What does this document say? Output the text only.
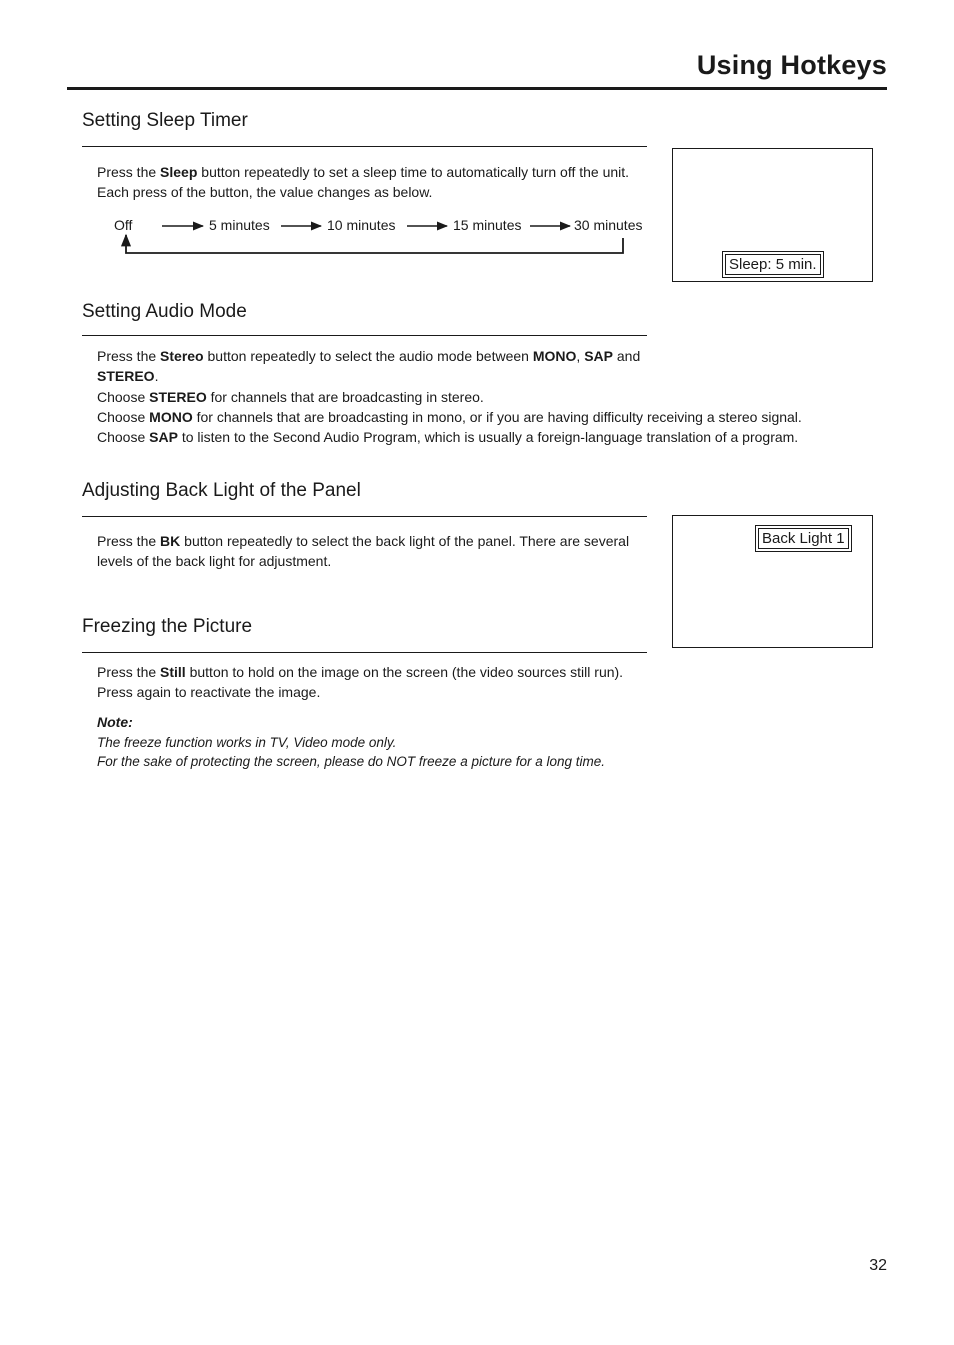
Using Hotkeys
Setting Sleep Timer
Press the Sleep button repeatedly to set a sleep time to automatically turn off the unit. Each press of the button, the value changes as below.
Off	5 minutes	10 minutes	15 minutes	30 minutes
Sleep: 5 min.
Setting Audio Mode
Press the Stereo button repeatedly to select the audio mode between MONO, SAP and STEREO.
Choose STEREO for channels that are broadcasting in stereo.
Choose MONO for channels that are broadcasting in mono, or if you are having difficulty receiving a stereo signal.
Choose SAP to listen to the Second Audio Program, which is usually a foreign-language translation of a program.
Adjusting Back Light of the Panel
Press the BK button repeatedly to select the back light of the panel. There are several levels of the back light for adjustment.
Back Light 1
Freezing the Picture
Press the Still button to hold on the image on the screen (the video sources still run). Press again to reactivate the image.
Note:
The freeze function works in TV, Video mode only.
For the sake of protecting the screen, please do NOT freeze a picture for a long time.
32
